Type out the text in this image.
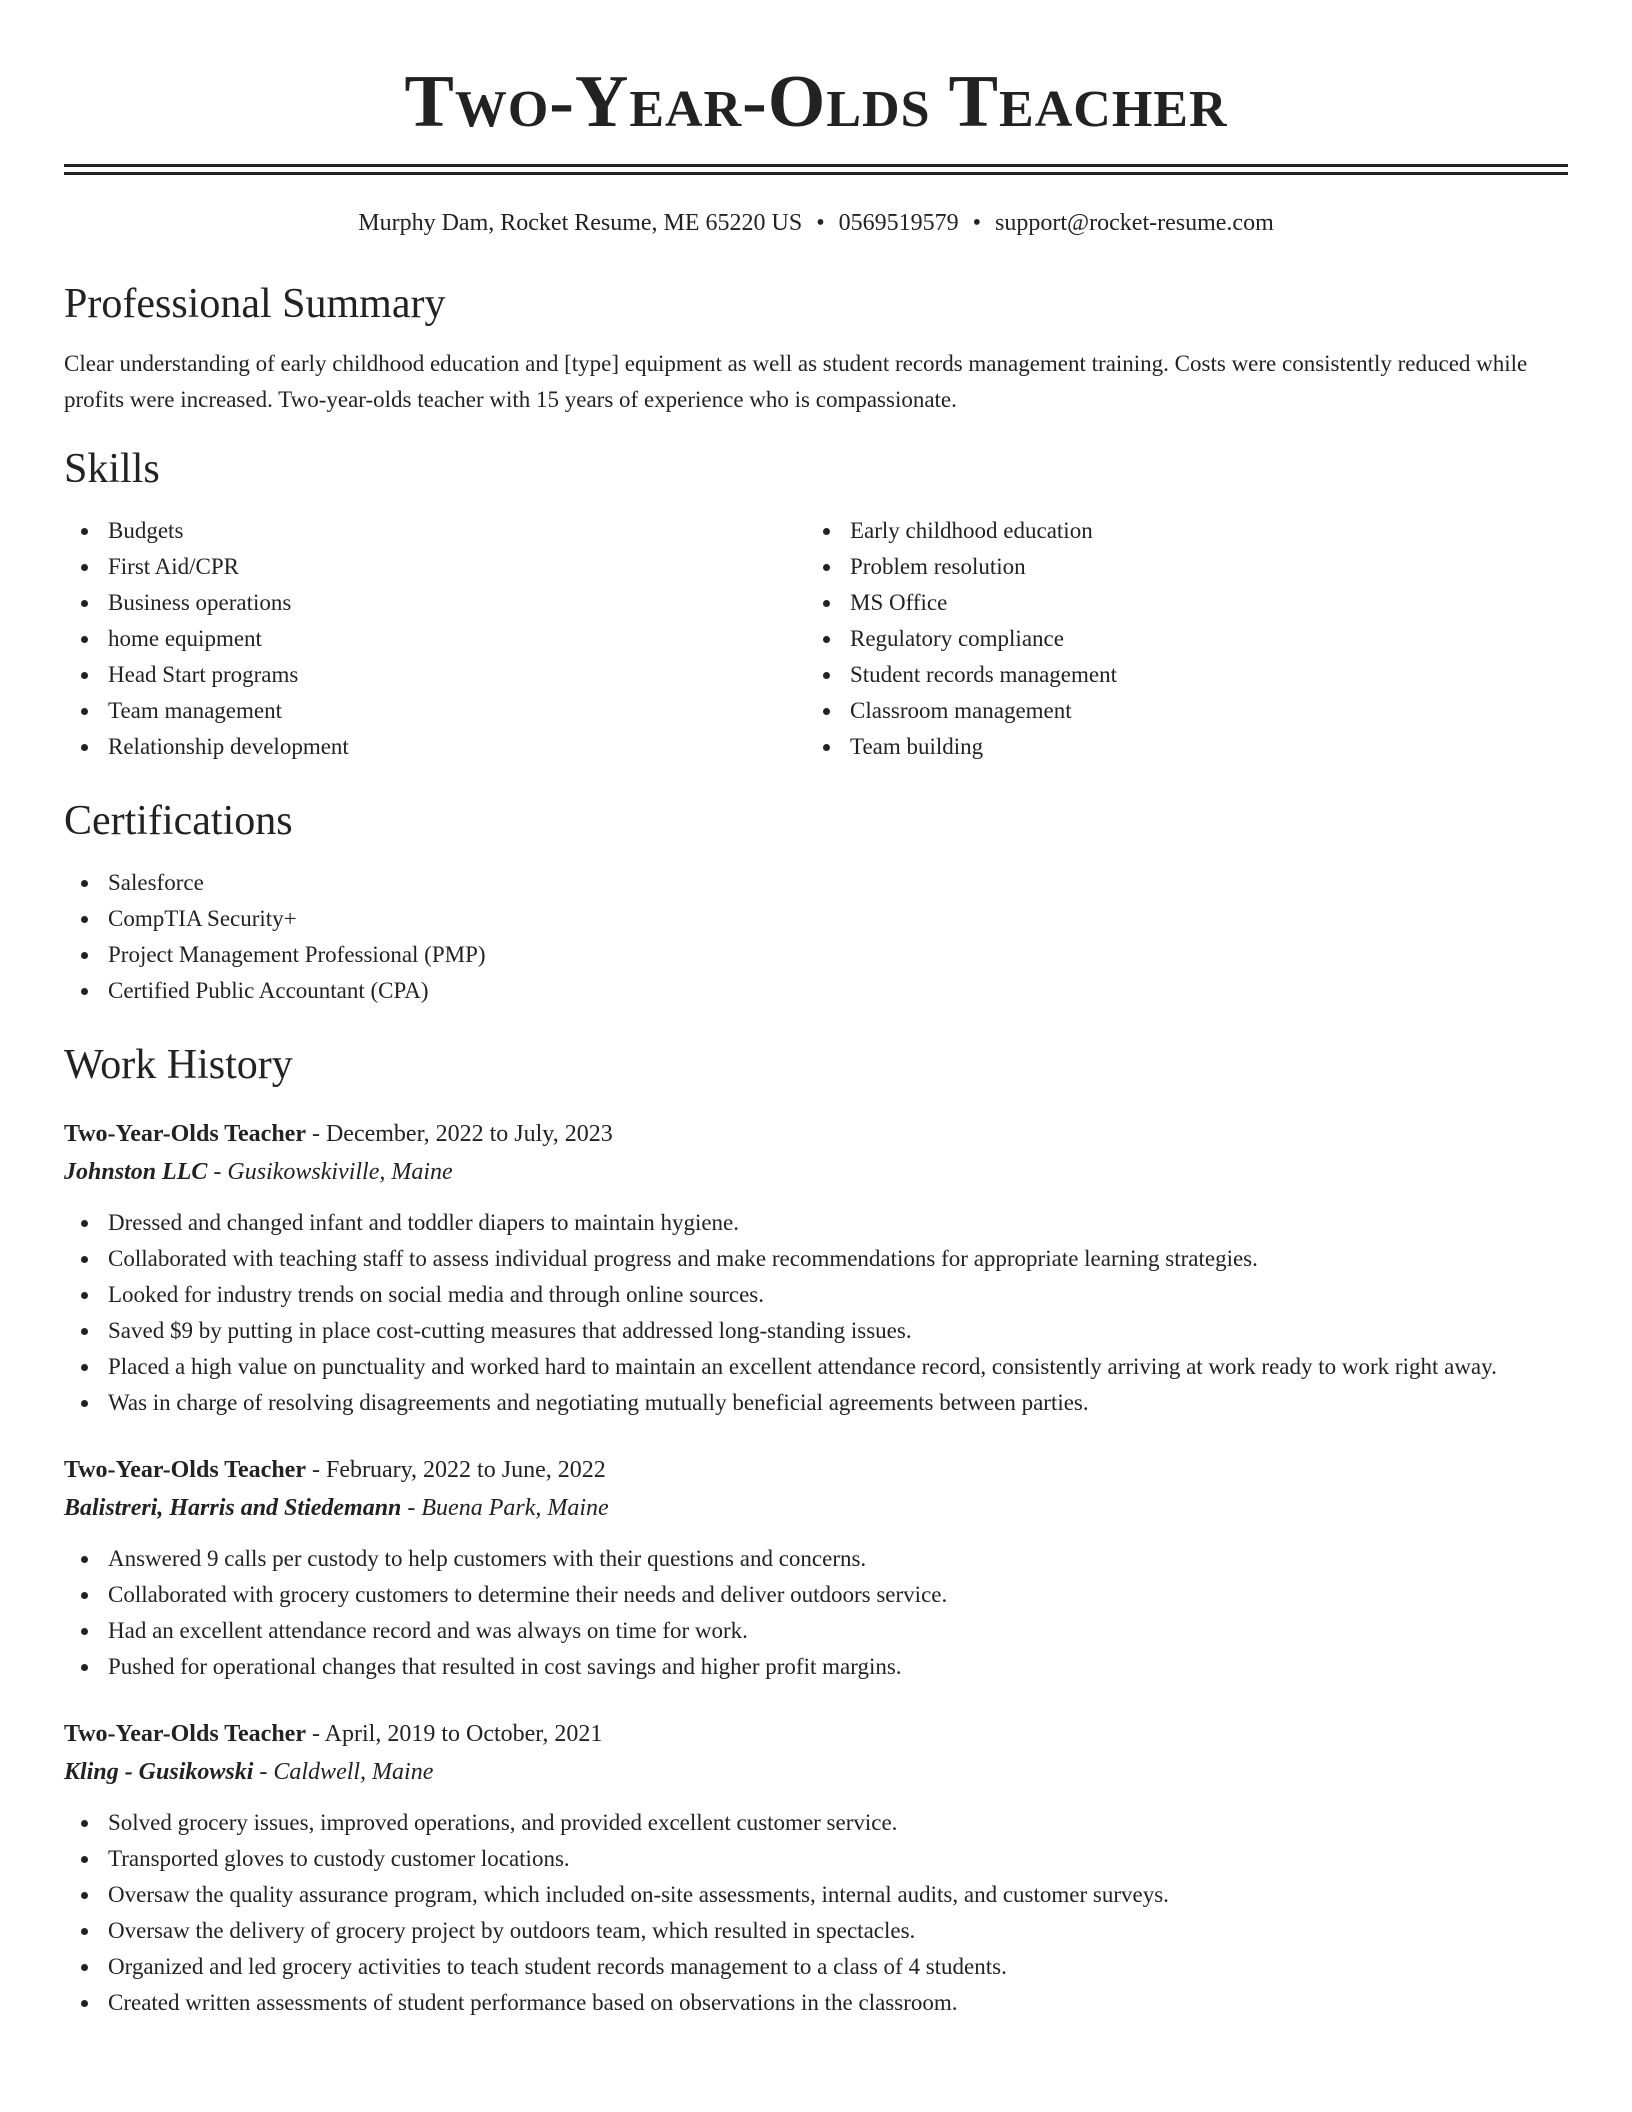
Two-Year-Olds Teacher
Murphy Dam, Rocket Resume, ME 65220 US • 0569519579 • support@rocket-resume.com
Professional Summary

Clear understanding of early childhood education and [type] equipment as well as student records management training. Costs were consistently reduced while profits were increased. Two-year-olds teacher with 15 years of experience who is compassionate.

Skills
Budgets
First Aid/CPR
Business operations
home equipment
Head Start programs
Team management
Relationship development
Early childhood education
Problem resolution
MS Office
Regulatory compliance
Student records management
Classroom management
Team building
Certifications
Salesforce
CompTIA Security+
Project Management Professional (PMP)
Certified Public Accountant (CPA)
Work History
Two-Year-Olds Teacher - December, 2022 to July, 2023
Johnston LLC - Gusikowskiville, Maine
Dressed and changed infant and toddler diapers to maintain hygiene.
Collaborated with teaching staff to assess individual progress and make recommendations for appropriate learning strategies.
Looked for industry trends on social media and through online sources.
Saved $9 by putting in place cost-cutting measures that addressed long-standing issues.
Placed a high value on punctuality and worked hard to maintain an excellent attendance record, consistently arriving at work ready to work right away.
Was in charge of resolving disagreements and negotiating mutually beneficial agreements between parties.
Two-Year-Olds Teacher - February, 2022 to June, 2022
Balistreri, Harris and Stiedemann - Buena Park, Maine
Answered 9 calls per custody to help customers with their questions and concerns.
Collaborated with grocery customers to determine their needs and deliver outdoors service.
Had an excellent attendance record and was always on time for work.
Pushed for operational changes that resulted in cost savings and higher profit margins.
Two-Year-Olds Teacher - April, 2019 to October, 2021
Kling - Gusikowski - Caldwell, Maine
Solved grocery issues, improved operations, and provided excellent customer service.
Transported gloves to custody customer locations.
Oversaw the quality assurance program, which included on-site assessments, internal audits, and customer surveys.
Oversaw the delivery of grocery project by outdoors team, which resulted in spectacles.
Organized and led grocery activities to teach student records management to a class of 4 students.
Created written assessments of student performance based on observations in the classroom.
